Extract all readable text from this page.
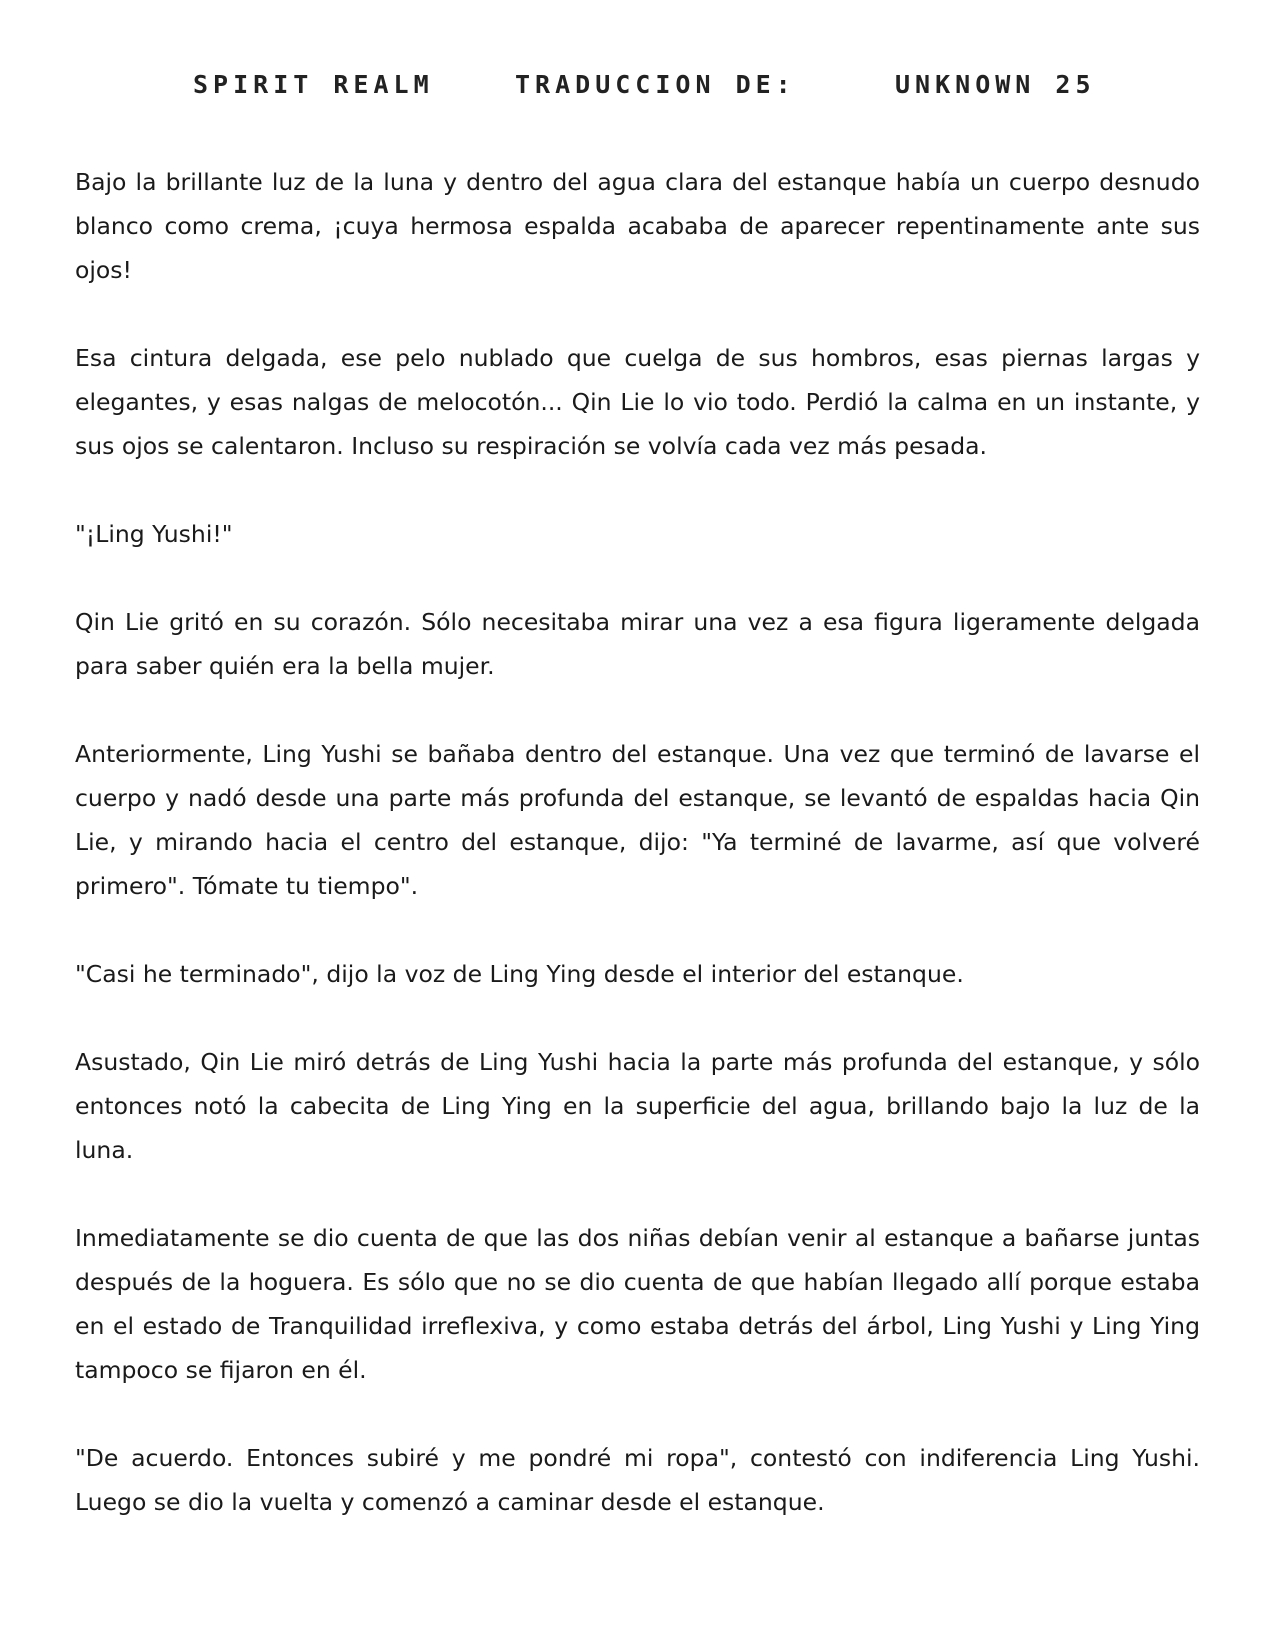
SPIRIT REALM	TRADUCCION DE:	UNKNOWN 25

Bajo la brillante luz de la luna y dentro del agua clara del estanque había un cuerpo desnudo blanco como crema, ¡cuya hermosa espalda acababa de aparecer repentinamente ante sus ojos!

Esa cintura delgada, ese pelo nublado que cuelga de sus hombros, esas piernas largas y elegantes, y esas nalgas de melocotón... Qin Lie lo vio todo. Perdió la calma en un instante, y sus ojos se calentaron. Incluso su respiración se volvía cada vez más pesada.

"¡Ling Yushi!"

Qin Lie gritó en su corazón. Sólo necesitaba mirar una vez a esa figura ligeramente delgada para saber quién era la bella mujer.

Anteriormente, Ling Yushi se bañaba dentro del estanque. Una vez que terminó de lavarse el cuerpo y nadó desde una parte más profunda del estanque, se levantó de espaldas hacia Qin Lie, y mirando hacia el centro del estanque, dijo: "Ya terminé de lavarme, así que volveré primero". Tómate tu tiempo".

"Casi he terminado", dijo la voz de Ling Ying desde el interior del estanque.

Asustado, Qin Lie miró detrás de Ling Yushi hacia la parte más profunda del estanque, y sólo entonces notó la cabecita de Ling Ying en la superficie del agua, brillando bajo la luz de la luna.

Inmediatamente se dio cuenta de que las dos niñas debían venir al estanque a bañarse juntas después de la hoguera. Es sólo que no se dio cuenta de que habían llegado allí porque estaba en el estado de Tranquilidad irreflexiva, y como estaba detrás del árbol, Ling Yushi y Ling Ying tampoco se fijaron en él.

"De acuerdo. Entonces subiré y me pondré mi ropa", contestó con indiferencia Ling Yushi. Luego se dio la vuelta y comenzó a caminar desde el estanque.
